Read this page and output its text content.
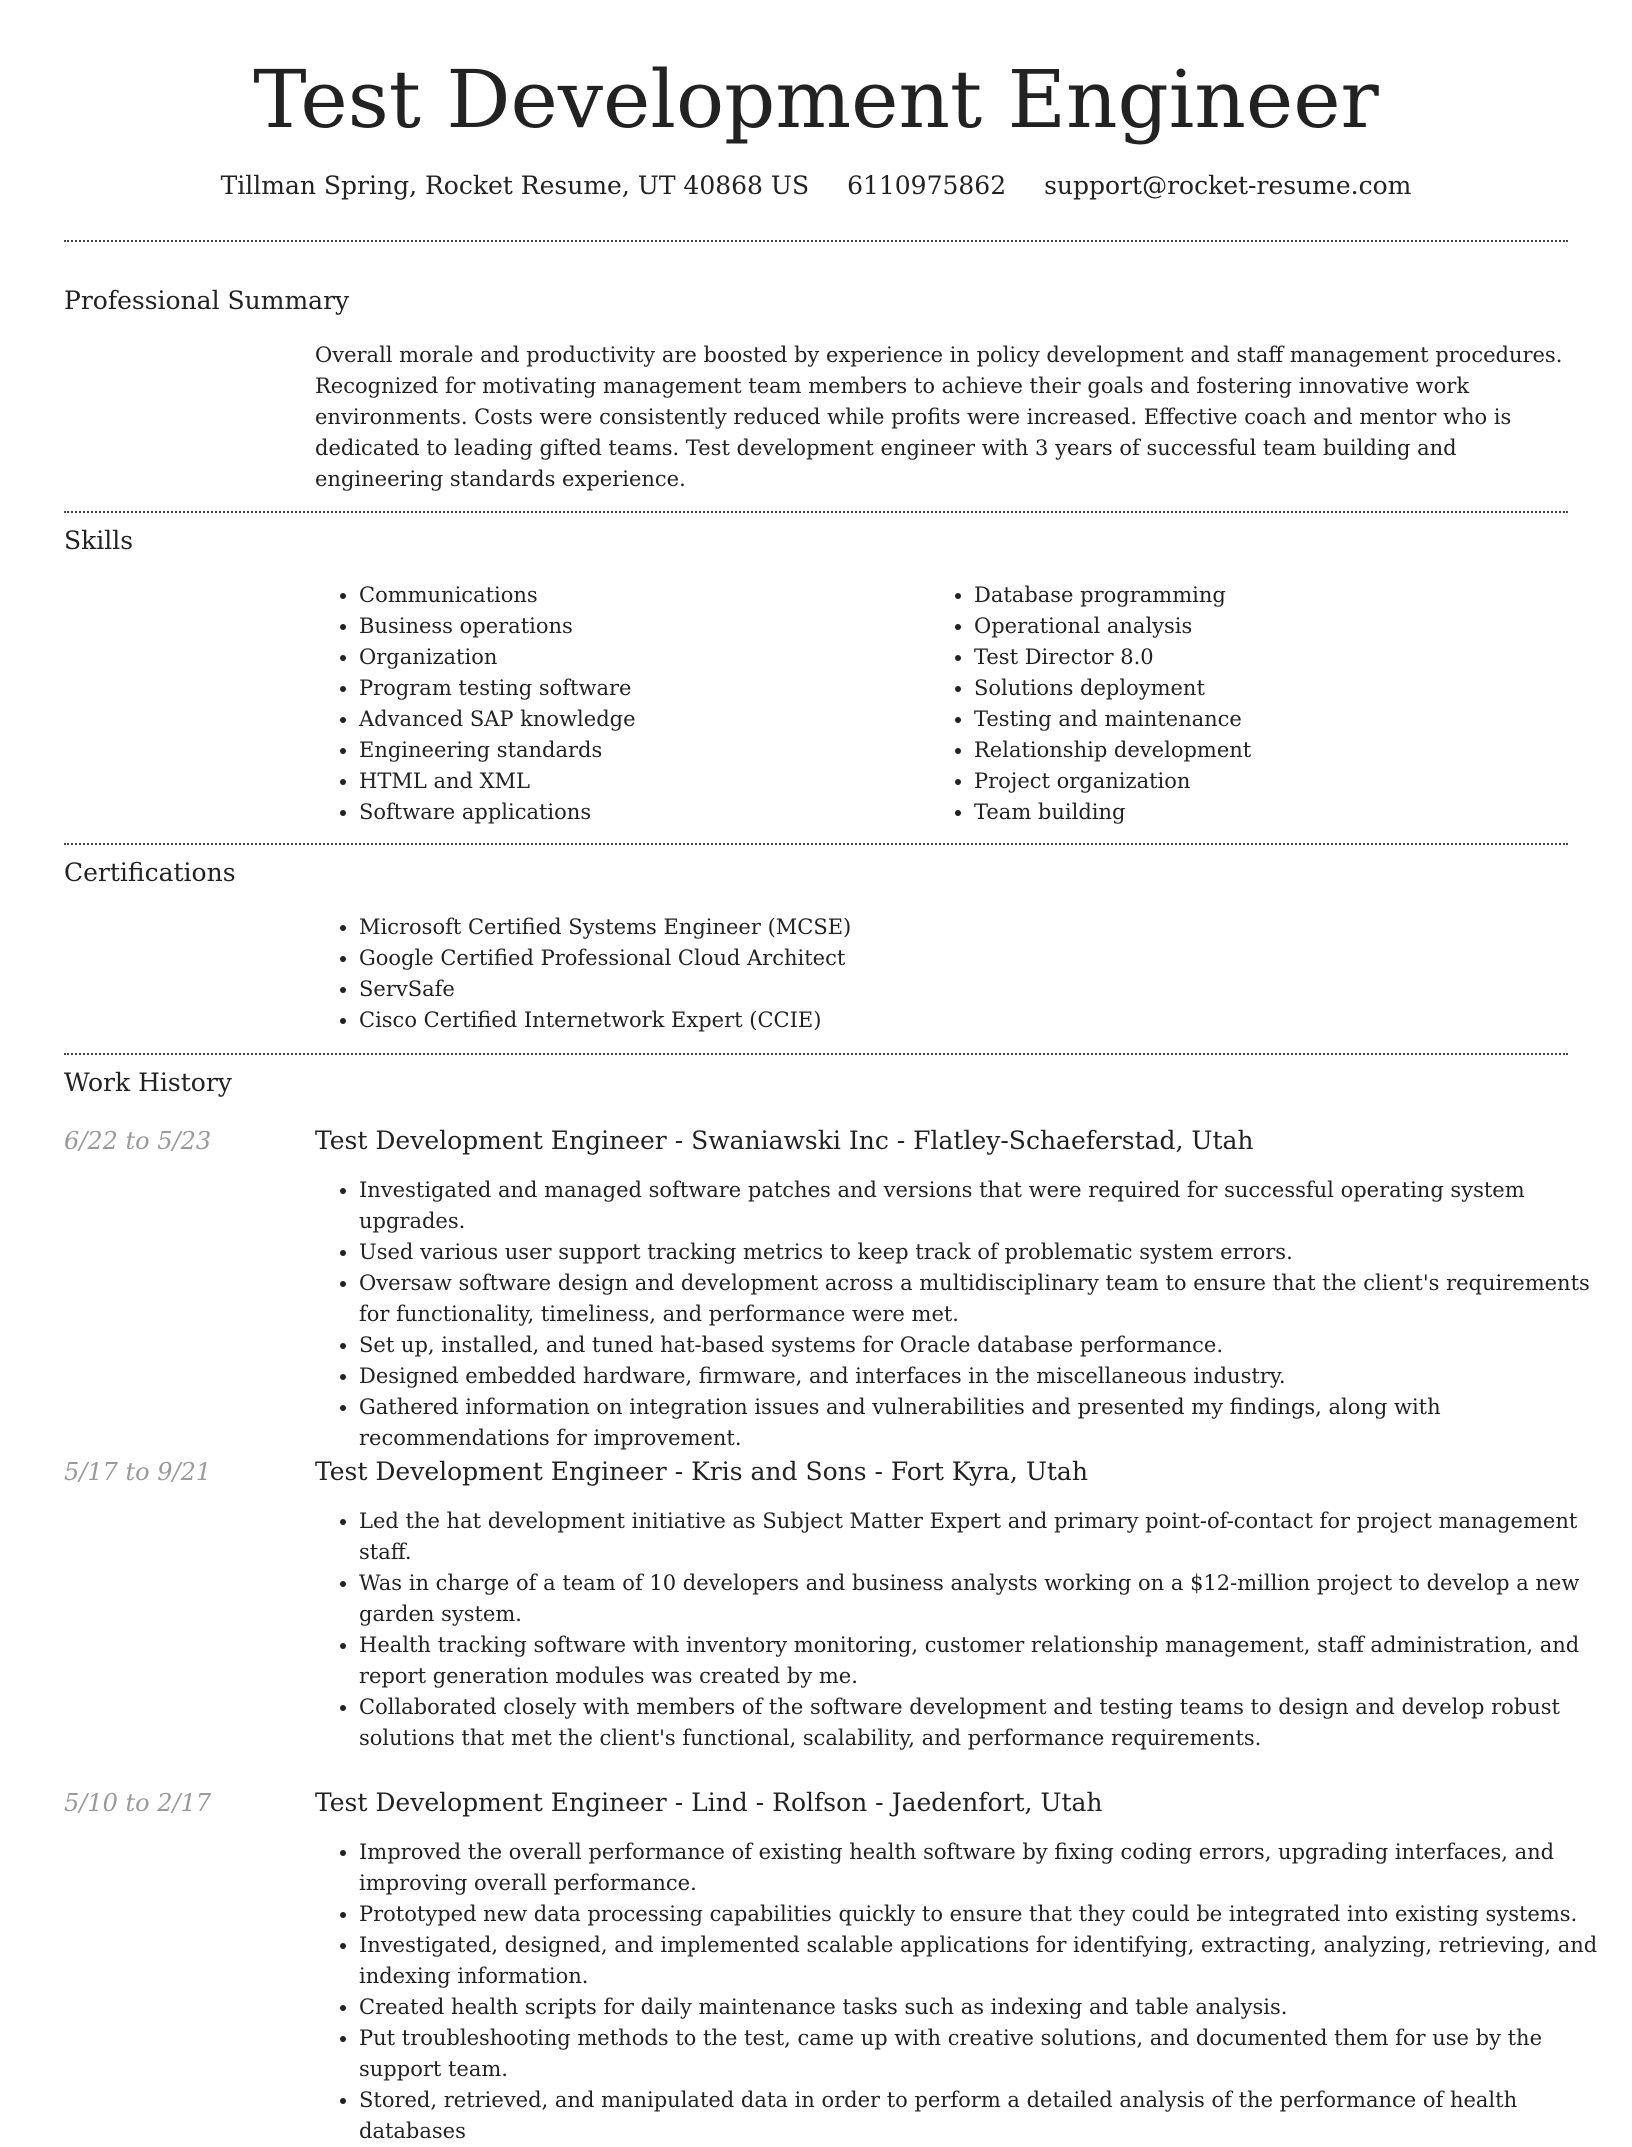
Test Development Engineer
Tillman Spring, Rocket Resume, UT 40868 US 6110975862 support@rocket-resume.com
Professional Summary

Overall morale and productivity are boosted by experience in policy development and staff management procedures. Recognized for motivating management team members to achieve their goals and fostering innovative work environments. Costs were consistently reduced while profits were increased. Effective coach and mentor who is dedicated to leading gifted teams. Test development engineer with 3 years of successful team building and engineering standards experience.

Skills
• Communications
• Business operations
• Organization
• Program testing software
• Advanced SAP knowledge
• Engineering standards
• HTML and XML
• Software applications
• Database programming
• Operational analysis
• Test Director 8.0
• Solutions deployment
• Testing and maintenance
• Relationship development
• Project organization
• Team building
Certifications
• Microsoft Certified Systems Engineer (MCSE)
• Google Certified Professional Cloud Architect
• ServSafe
• Cisco Certified Internetwork Expert (CCIE)
Work History
6/22 to 5/23	Test Development Engineer - Swaniawski Inc - Flatley-Schaeferstad, Utah
• Investigated and managed software patches and versions that were required for successful operating system upgrades.
• Used various user support tracking metrics to keep track of problematic system errors.
• Oversaw software design and development across a multidisciplinary team to ensure that the client's requirements for functionality, timeliness, and performance were met.
• Set up, installed, and tuned hat-based systems for Oracle database performance.
• Designed embedded hardware, firmware, and interfaces in the miscellaneous industry.
• Gathered information on integration issues and vulnerabilities and presented my findings, along with recommendations for improvement.
5/17 to 9/21	Test Development Engineer - Kris and Sons - Fort Kyra, Utah
• Led the hat development initiative as Subject Matter Expert and primary point-of-contact for project management staff.
• Was in charge of a team of 10 developers and business analysts working on a $12-million project to develop a new garden system.
• Health tracking software with inventory monitoring, customer relationship management, staff administration, and report generation modules was created by me.
• Collaborated closely with members of the software development and testing teams to design and develop robust solutions that met the client's functional, scalability, and performance requirements.
5/10 to 2/17	Test Development Engineer - Lind - Rolfson - Jaedenfort, Utah
• Improved the overall performance of existing health software by fixing coding errors, upgrading interfaces, and improving overall performance.
• Prototyped new data processing capabilities quickly to ensure that they could be integrated into existing systems.
• Investigated, designed, and implemented scalable applications for identifying, extracting, analyzing, retrieving, and indexing information.
• Created health scripts for daily maintenance tasks such as indexing and table analysis.
• Put troubleshooting methods to the test, came up with creative solutions, and documented them for use by the support team.
• Stored, retrieved, and manipulated data in order to perform a detailed analysis of the performance of health databases
